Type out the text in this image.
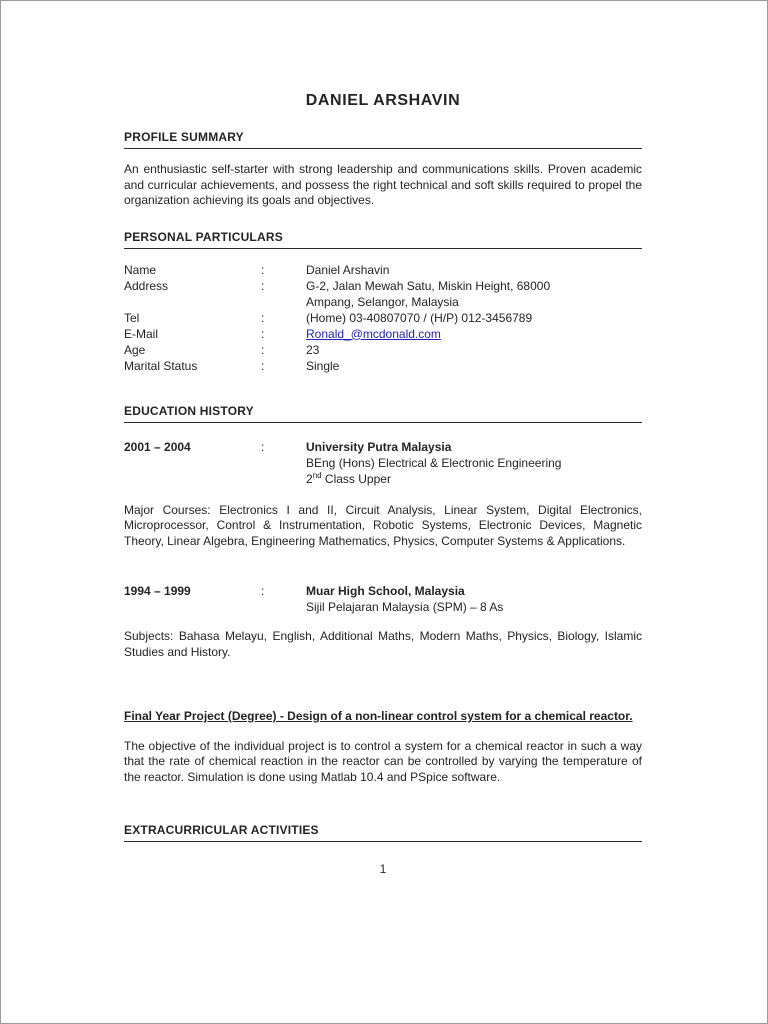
DANIEL ARSHAVIN
PROFILE SUMMARY

An enthusiastic self-starter with strong leadership and communications skills. Proven academic and curricular achievements, and possess the right technical and soft skills required to propel the organization achieving its goals and objectives.

PERSONAL PARTICULARS
Name	:	Daniel Arshavin
Address	:	G-2, Jalan Mewah Satu, Miskin Height, 68000
Ampang, Selangor, Malaysia
Tel	:	(Home) 03-40807070 / (H/P) 012-3456789
E-Mail	:	Ronald_@mcdonald.com
Age	:	23
Marital Status	:	Single
EDUCATION HISTORY
2001 – 2004	:	University Putra Malaysia
BEng (Hons) Electrical & Electronic Engineering
2nd Class Upper

Major Courses: Electronics I and II, Circuit Analysis, Linear System, Digital Electronics, Microprocessor, Control & Instrumentation, Robotic Systems, Electronic Devices, Magnetic Theory, Linear Algebra, Engineering Mathematics, Physics, Computer Systems & Applications.

1994 – 1999	:	Muar High School, Malaysia
Sijil Pelajaran Malaysia (SPM) – 8 As

Subjects: Bahasa Melayu, English, Additional Maths, Modern Maths, Physics, Biology, Islamic Studies and History.

Final Year Project (Degree) - Design of a non-linear control system for a chemical reactor.

The objective of the individual project is to control a system for a chemical reactor in such a way that the rate of chemical reaction in the reactor can be controlled by varying the temperature of the reactor. Simulation is done using Matlab 10.4 and PSpice software.

EXTRACURRICULAR ACTIVITIES
1
